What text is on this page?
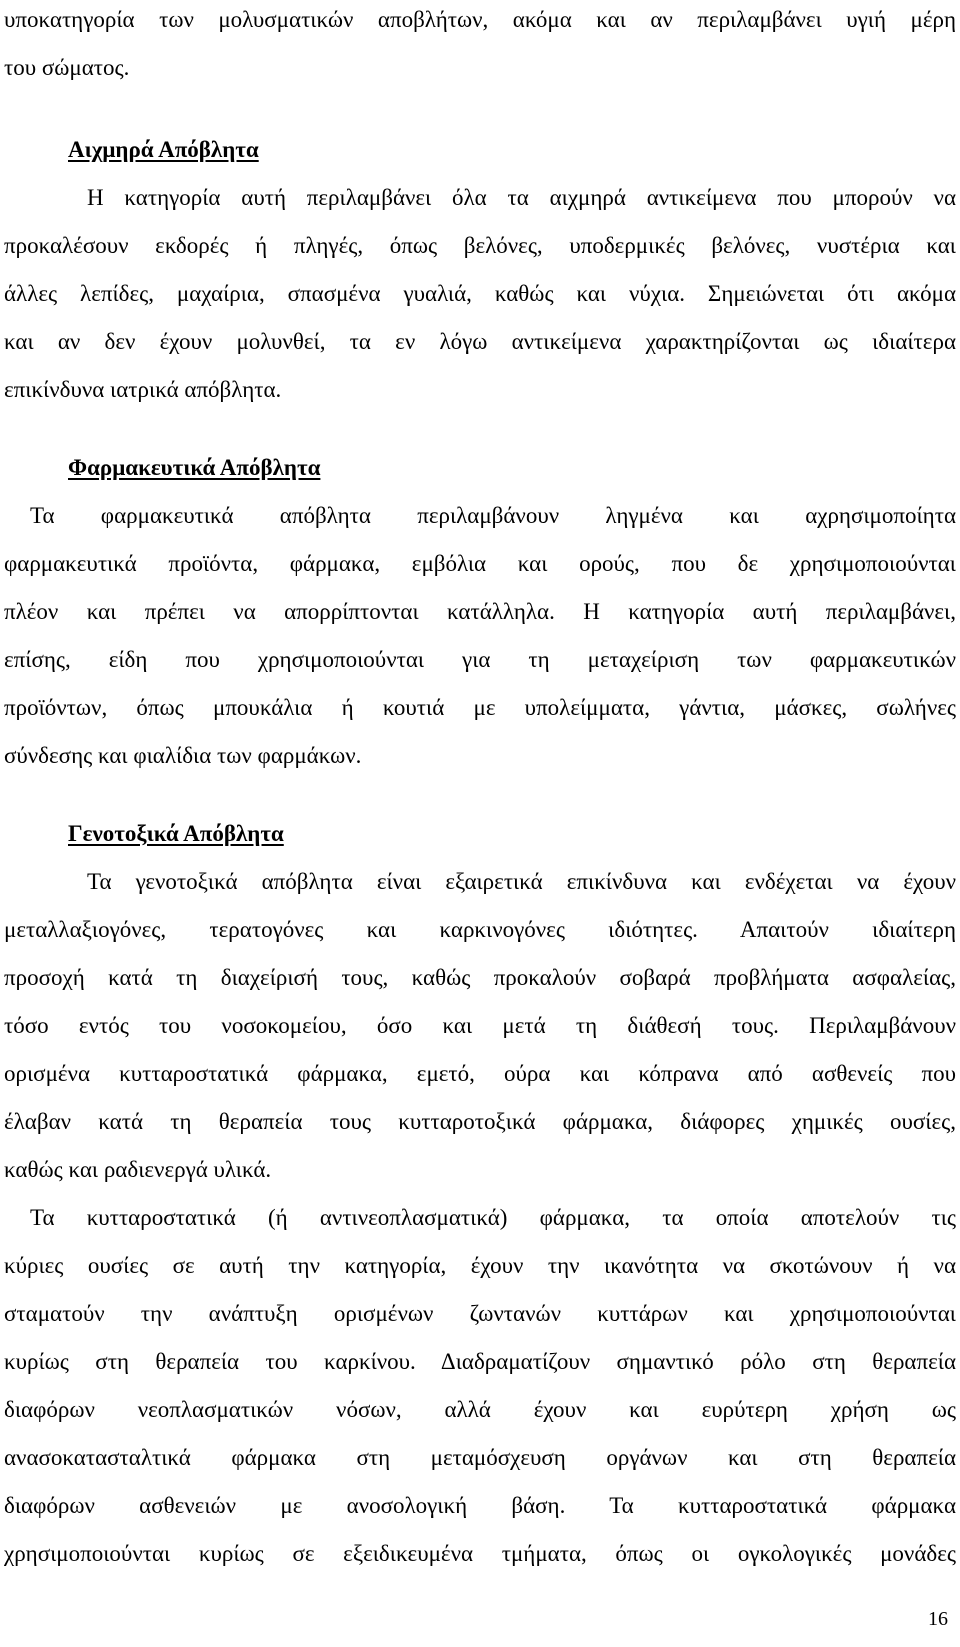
υποκατηγορία των μολυσματικών αποβλήτων, ακόμα και αν περιλαμβάνει υγιή μέρη
του σώματος.
Αιχμηρά Απόβλητα
Η κατηγορία αυτή περιλαμβάνει όλα τα αιχμηρά αντικείμενα που μπορούν να
προκαλέσουν εκδορές ή πληγές, όπως βελόνες, υποδερμικές βελόνες, νυστέρια και
άλλες λεπίδες, μαχαίρια, σπασμένα γυαλιά, καθώς και νύχια. Σημειώνεται ότι ακόμα
και αν δεν έχουν μολυνθεί, τα εν λόγω αντικείμενα χαρακτηρίζονται ως ιδιαίτερα
επικίνδυνα ιατρικά απόβλητα.
Φαρμακευτικά Απόβλητα
Τα φαρμακευτικά απόβλητα περιλαμβάνουν ληγμένα και αχρησιμοποίητα
φαρμακευτικά προϊόντα, φάρμακα, εμβόλια και ορούς, που δε χρησιμοποιούνται
πλέον και πρέπει να απορρίπτονται κατάλληλα. Η κατηγορία αυτή περιλαμβάνει,
επίσης, είδη που χρησιμοποιούνται για τη μεταχείριση των φαρμακευτικών
προϊόντων, όπως μπουκάλια ή κουτιά με υπολείμματα, γάντια, μάσκες, σωλήνες
σύνδεσης και φιαλίδια των φαρμάκων.
Γενοτοξικά Απόβλητα
Τα γενοτοξικά απόβλητα είναι εξαιρετικά επικίνδυνα και ενδέχεται να έχουν
μεταλλαξιογόνες, τερατογόνες και καρκινογόνες ιδιότητες. Απαιτούν ιδιαίτερη
προσοχή κατά τη διαχείρισή τους, καθώς προκαλούν σοβαρά προβλήματα ασφαλείας,
τόσο εντός του νοσοκομείου, όσο και μετά τη διάθεσή τους. Περιλαμβάνουν
ορισμένα κυτταροστατικά φάρμακα, εμετό, ούρα και κόπρανα από ασθενείς που
έλαβαν κατά τη θεραπεία τους κυτταροτοξικά φάρμακα, διάφορες χημικές ουσίες,
καθώς και ραδιενεργά υλικά.
Τα κυτταροστατικά (ή αντινεοπλασματικά) φάρμακα, τα οποία αποτελούν τις
κύριες ουσίες σε αυτή την κατηγορία, έχουν την ικανότητα να σκοτώνουν ή να
σταματούν την ανάπτυξη ορισμένων ζωντανών κυττάρων και χρησιμοποιούνται
κυρίως στη θεραπεία του καρκίνου. Διαδραματίζουν σημαντικό ρόλο στη θεραπεία
διαφόρων νεοπλασματικών νόσων, αλλά έχουν και ευρύτερη χρήση ως
ανασοκατασταλτικά φάρμακα στη μεταμόσχευση οργάνων και στη θεραπεία
διαφόρων ασθενειών με ανοσολογική βάση. Τα κυτταροστατικά φάρμακα
χρησιμοποιούνται κυρίως σε εξειδικευμένα τμήματα, όπως οι ογκολογικές μονάδες
16
